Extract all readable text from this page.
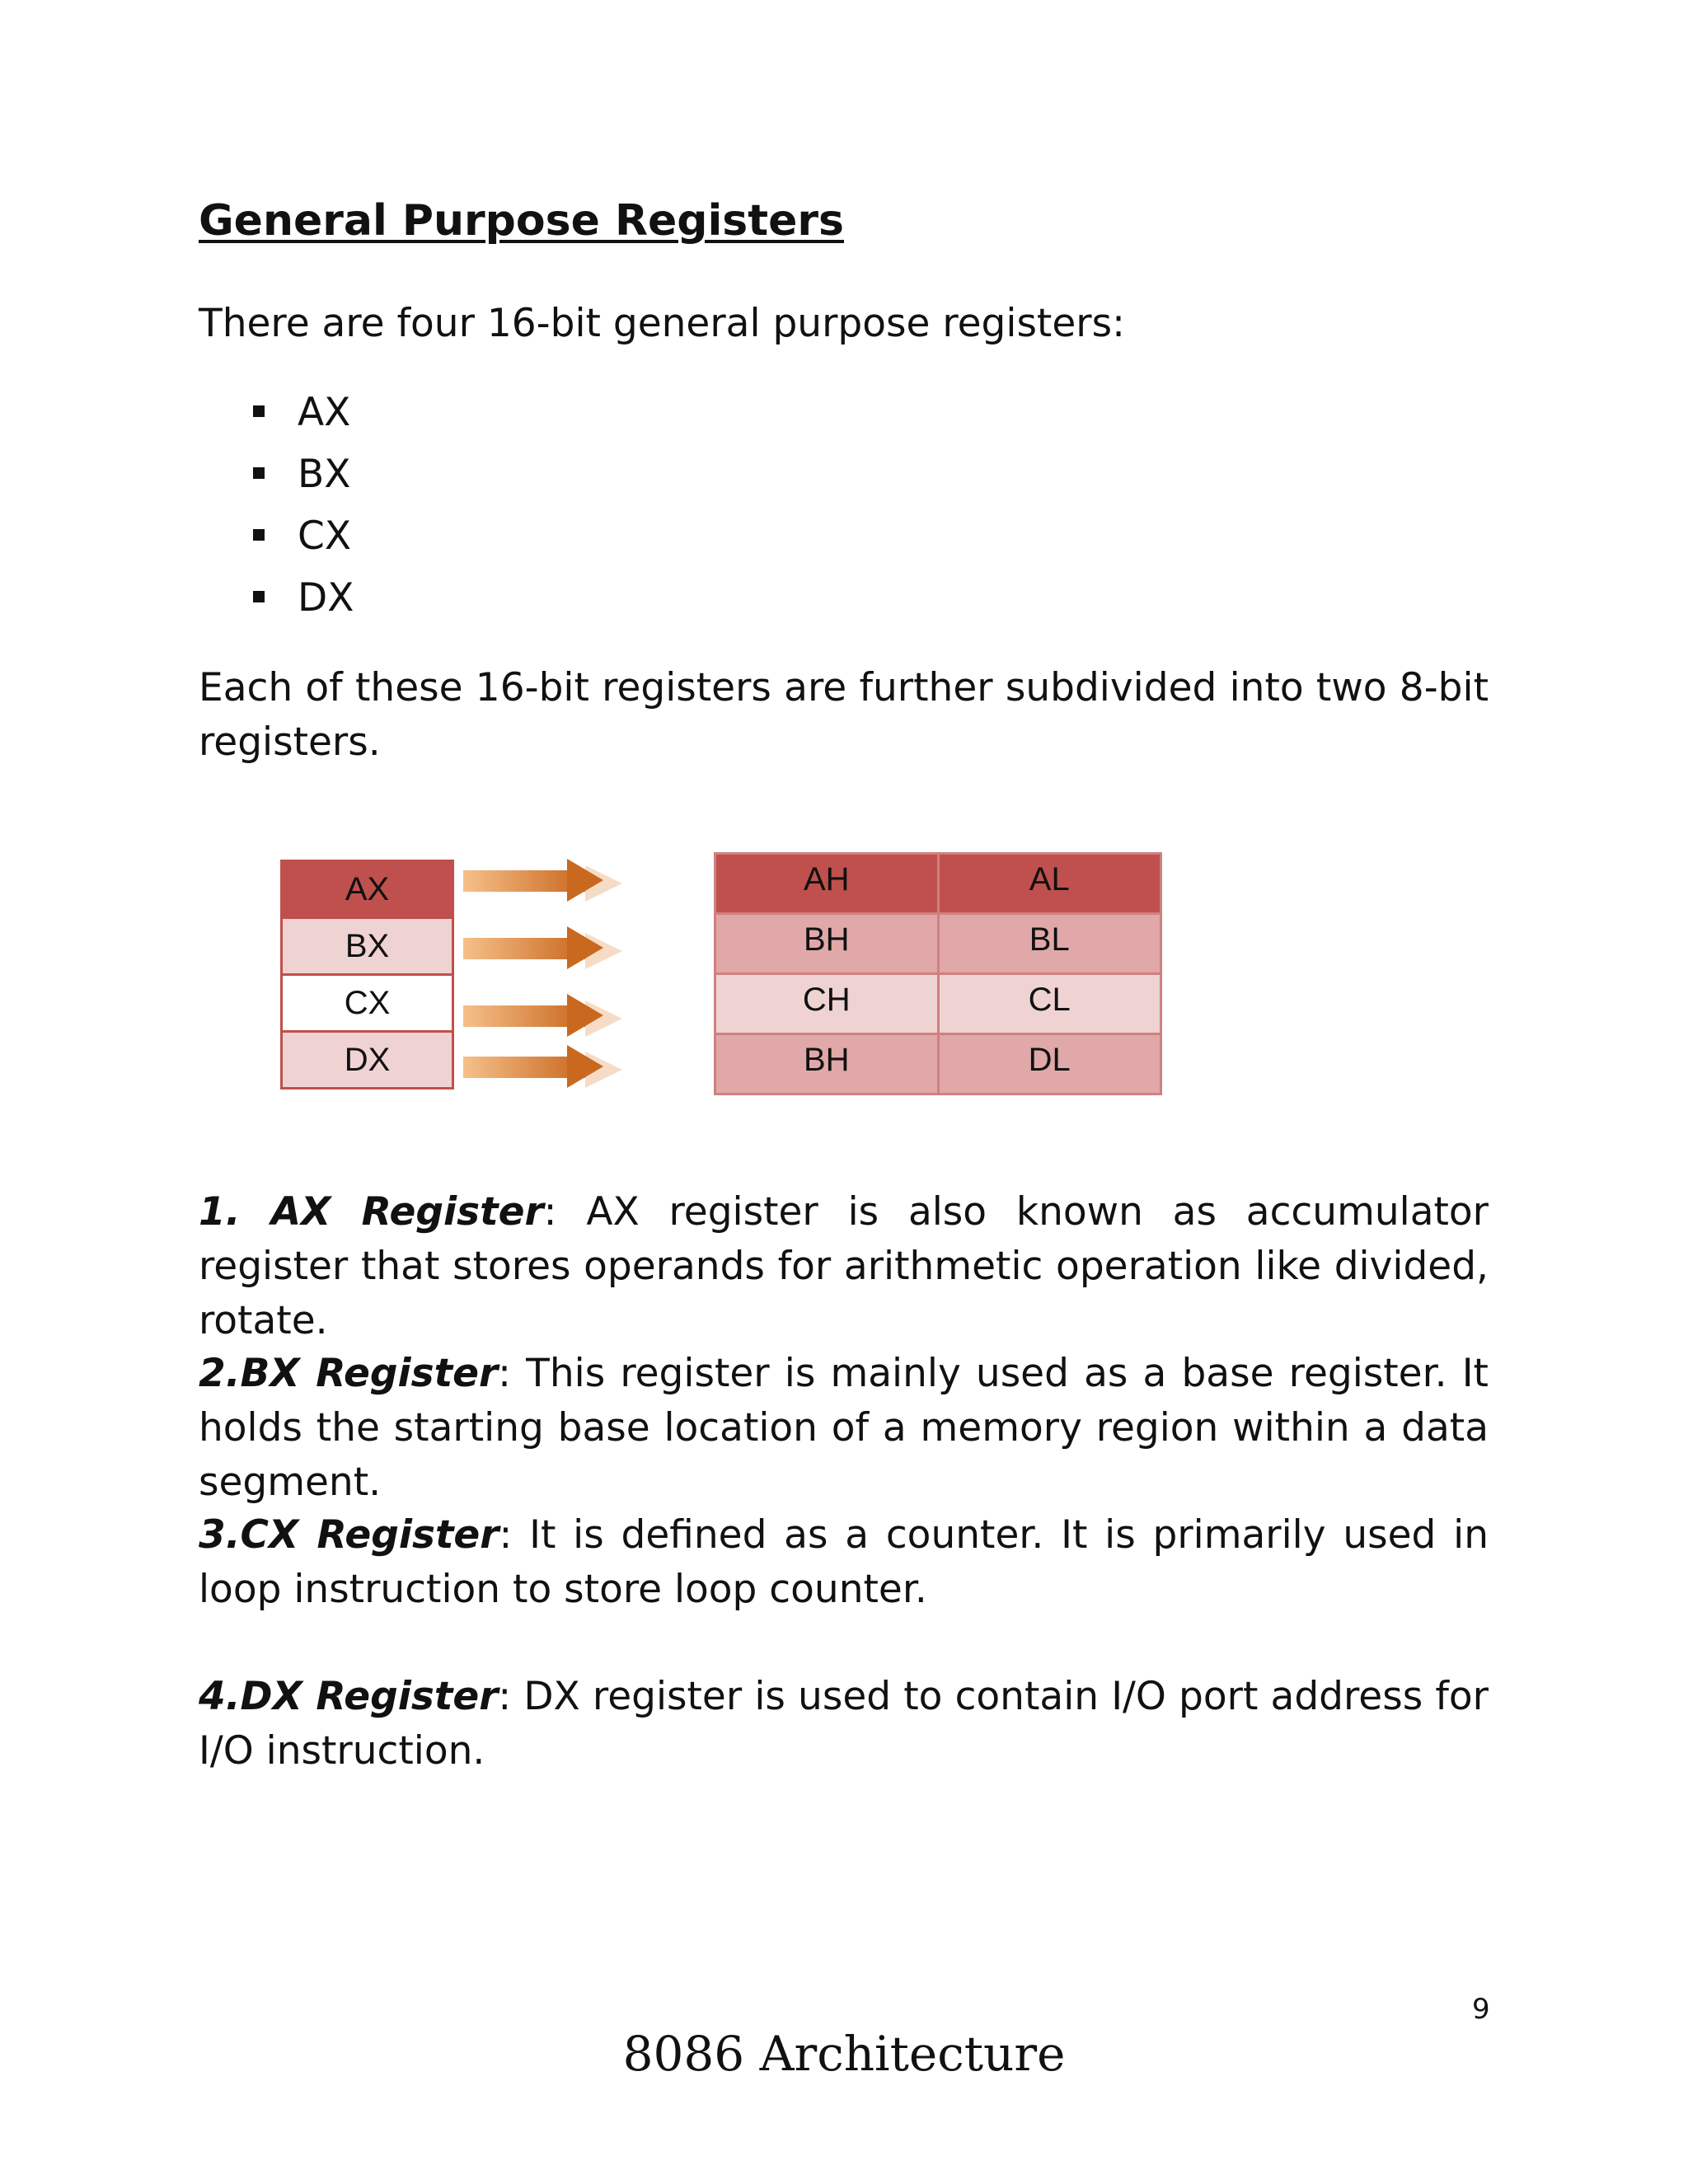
General Purpose Registers

There are four 16-bit general purpose registers:

AX
BX
CX
DX

Each of these 16-bit registers are further subdivided into two 8-bit registers.

AX
BX
CX
DX
AH	AL
BH	BL
CH	CL
BH	DL

1. AX Register: AX register is also known as accumulator register that stores operands for arithmetic operation like divided, rotate.

2.BX Register: This register is mainly used as a base register. It holds the starting base location of a memory region within a data segment.

3.CX Register: It is defined as a counter. It is primarily used in loop instruction to store loop counter.

4.DX Register: DX register is used to contain I/O port address for I/O instruction.

9
8086 Architecture
